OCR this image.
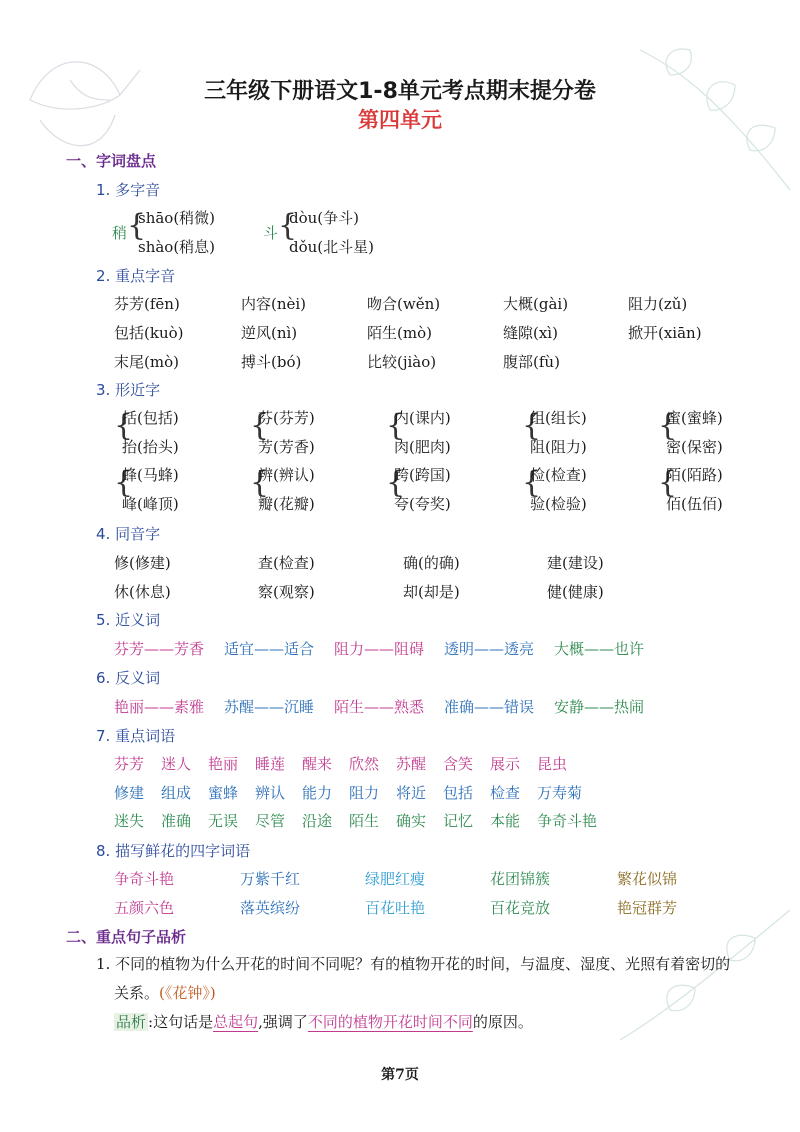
三年级下册语文1-8单元考点期末提分卷
第四单元
一、字词盘点
1. 多字音
稍 {
shāo(稍微)
shào(稍息)
斗 {
dòu(争斗)
dǒu(北斗星)
2. 重点字音
芬芳(fēn)	内容(nèi)	吻合(wěn)	大概(gài)	阻力(zǔ)
包括(kuò)	逆风(nì)	陌生(mò)	缝隙(xì)	掀开(xiān)
末尾(mò)	搏斗(bó)	比较(jiào)	腹部(fù)
3. 形近字
{
括(包括)
抬(抬头)
{
芬(芬芳)
芳(芳香)
{
内(课内)
肉(肥肉)
{
组(组长)
阻(阻力)
{
蜜(蜜蜂)
密(保密)
{
蜂(马蜂)
峰(峰顶)
{
辨(辨认)
瓣(花瓣)
{
跨(跨国)
夸(夸奖)
{
检(检查)
验(检验)
{
陌(陌路)
佰(伍佰)
4. 同音字
修(修建)	查(检查)	确(的确)	建(建设)
休(休息)	察(观察)	却(却是)	健(健康)
5. 近义词
芬芳——芳香 适宜——适合 阻力——阻碍 透明——透亮 大概——也许
6. 反义词
艳丽——素雅 苏醒——沉睡 陌生——熟悉 准确——错误 安静——热闹
7. 重点词语
芬芳 迷人 艳丽 睡莲 醒来 欣然 苏醒 含笑 展示 昆虫
修建 组成 蜜蜂 辨认 能力 阻力 将近 包括 检查 万寿菊
迷失 准确 无误 尽管 沿途 陌生 确实 记忆 本能 争奇斗艳
8. 描写鲜花的四字词语
争奇斗艳	万紫千红	绿肥红瘦	花团锦簇	繁花似锦
五颜六色	落英缤纷	百花吐艳	百花竞放	艳冠群芳
二、重点句子品析
1. 不同的植物为什么开花的时间不同呢？有的植物开花的时间，与温度、湿度、光照有着密切的
关系。(《花钟》)
品析 :这句话是总起句,强调了不同的植物开花时间不同的原因。
第7页
